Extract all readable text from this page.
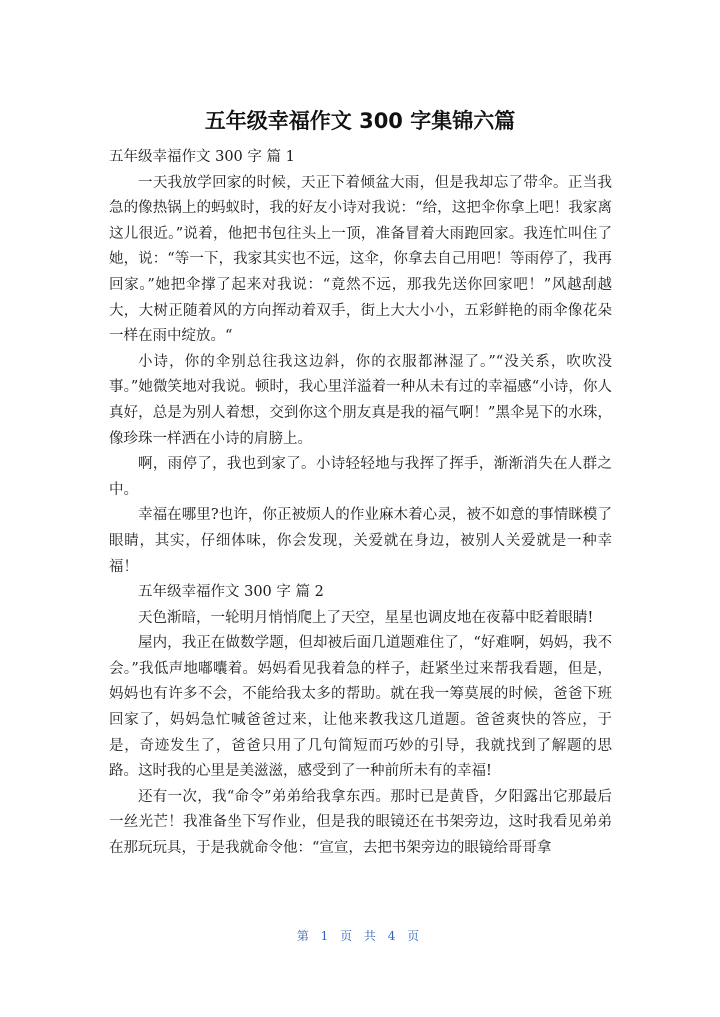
五年级幸福作文 300 字集锦六篇

五年级幸福作文 300 字 篇 1

一天我放学回家的时候，天正下着倾盆大雨，但是我却忘了带伞。正当我急的像热锅上的蚂蚁时，我的好友小诗对我说：“给，这把伞你拿上吧！我家离这儿很近。”说着，他把书包往头上一顶，准备冒着大雨跑回家。我连忙叫住了她，说：“等一下，我家其实也不远，这伞，你拿去自己用吧！等雨停了，我再回家。”她把伞撑了起来对我说：“竟然不远，那我先送你回家吧！”风越刮越大，大树正随着风的方向挥动着双手，街上大大小小，五彩鲜艳的雨伞像花朵一样在雨中绽放。“

小诗，你的伞别总往我这边斜，你的衣服都淋湿了。”“没关系，吹吹没事。”她微笑地对我说。顿时，我心里洋溢着一种从未有过的幸福感“小诗，你人真好，总是为别人着想，交到你这个朋友真是我的福气啊！”黑伞晃下的水珠，像珍珠一样洒在小诗的肩膀上。

啊，雨停了，我也到家了。小诗轻轻地与我挥了挥手，渐渐消失在人群之中。

幸福在哪里?也许，你正被烦人的作业麻木着心灵，被不如意的事情眯模了眼睛，其实，仔细体味，你会发现，关爱就在身边，被别人关爱就是一种幸福！

五年级幸福作文 300 字 篇 2

天色渐暗，一轮明月悄悄爬上了天空，星星也调皮地在夜幕中眨着眼睛!

屋内，我正在做数学题，但却被后面几道题难住了，“好难啊，妈妈，我不会。”我低声地嘟囔着。妈妈看见我着急的样子，赶紧坐过来帮我看题，但是，妈妈也有许多不会，不能给我太多的帮助。就在我一筹莫展的时候，爸爸下班回家了，妈妈急忙喊爸爸过来，让他来教我这几道题。爸爸爽快的答应，于是，奇迹发生了，爸爸只用了几句简短而巧妙的引导，我就找到了解题的思路。这时我的心里是美滋滋，感受到了一种前所未有的幸福!

还有一次，我“命令”弟弟给我拿东西。那时已是黄昏，夕阳露出它那最后一丝光芒！我准备坐下写作业，但是我的眼镜还在书架旁边，这时我看见弟弟在那玩玩具，于是我就命令他：“宣宣，去把书架旁边的眼镜给哥哥拿

第 1 页 共 4 页
